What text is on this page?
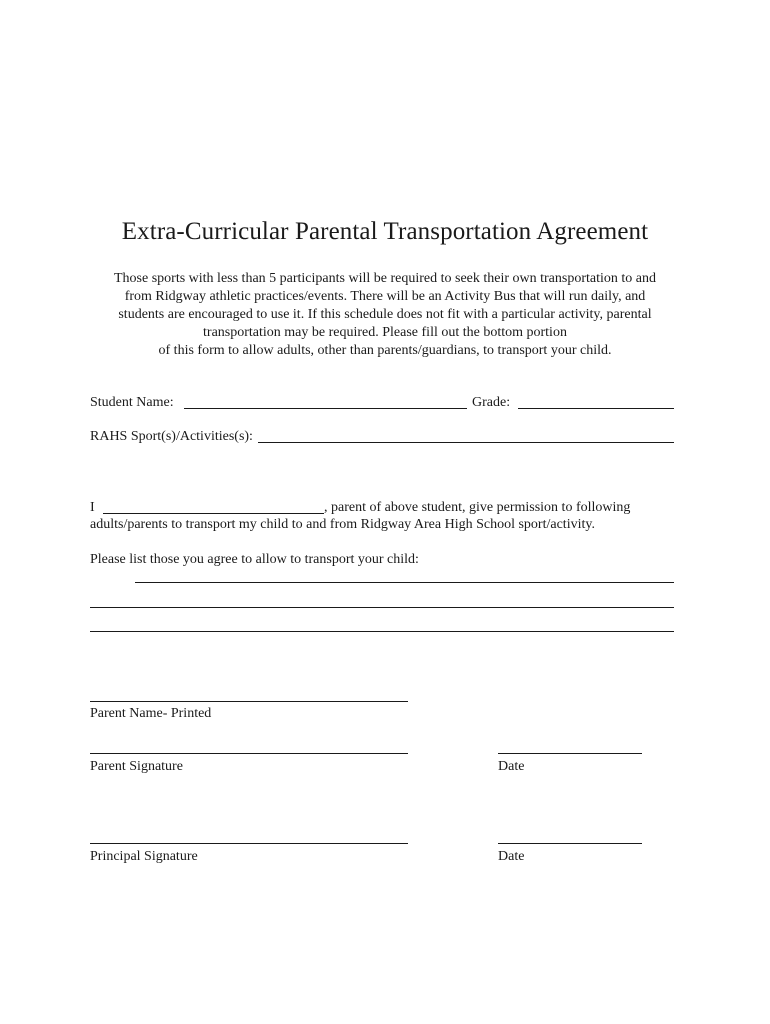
Extra-Curricular Parental Transportation Agreement
Those sports with less than 5 participants will be required to seek their own transportation to and
from Ridgway athletic practices/events. There will be an Activity Bus that will run daily, and
students are encouraged to use it. If this schedule does not fit with a particular activity, parental
transportation may be required. Please fill out the bottom portion
of this form to allow adults, other than parents/guardians, to transport your child.
Student Name:	Grade:
RAHS Sport(s)/Activities(s):
I	, parent of above student, give permission to following
adults/parents to transport my child to and from Ridgway Area High School sport/activity.
Please list those you agree to allow to transport your child:
Parent Name- Printed
Parent Signature	Date
Principal Signature	Date
